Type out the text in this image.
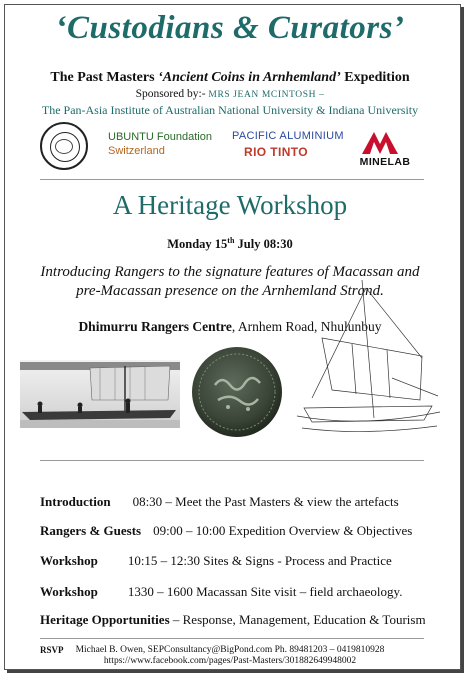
‘Custodians & Curators’
The Past Masters ‘Ancient Coins in Arnhemland’ Expedition
Sponsored by:- MRS JEAN MCINTOSH –
The Pan-Asia Institute of Australian National University & Indiana University
UBUNTU Foundation
Switzerland
PACIFIC ALUMINIUM
RIO TINTO
MINELAB
A Heritage Workshop
Monday 15th July 08:30
Introducing Rangers to the signature features of Macassan and pre-Macassan presence on the Arnhemland Strand.
Dhimurru Rangers Centre, Arnhem Road, Nhulunbuy
Introduction 08:30 – Meet the Past Masters & view the artefacts
Rangers & Guests 09:00 – 10:00 Expedition Overview & Objectives
Workshop 10:15 – 12:30 Sites & Signs - Process and Practice
Workshop 1330 – 1600 Macassan Site visit – field archaeology.
Heritage Opportunities – Response, Management, Education & Tourism
RSVP	Michael B. Owen, SEPConsultancy@BigPond.com Ph. 89481203 – 0419810928
https://www.facebook.com/pages/Past-Masters/301882649948002
